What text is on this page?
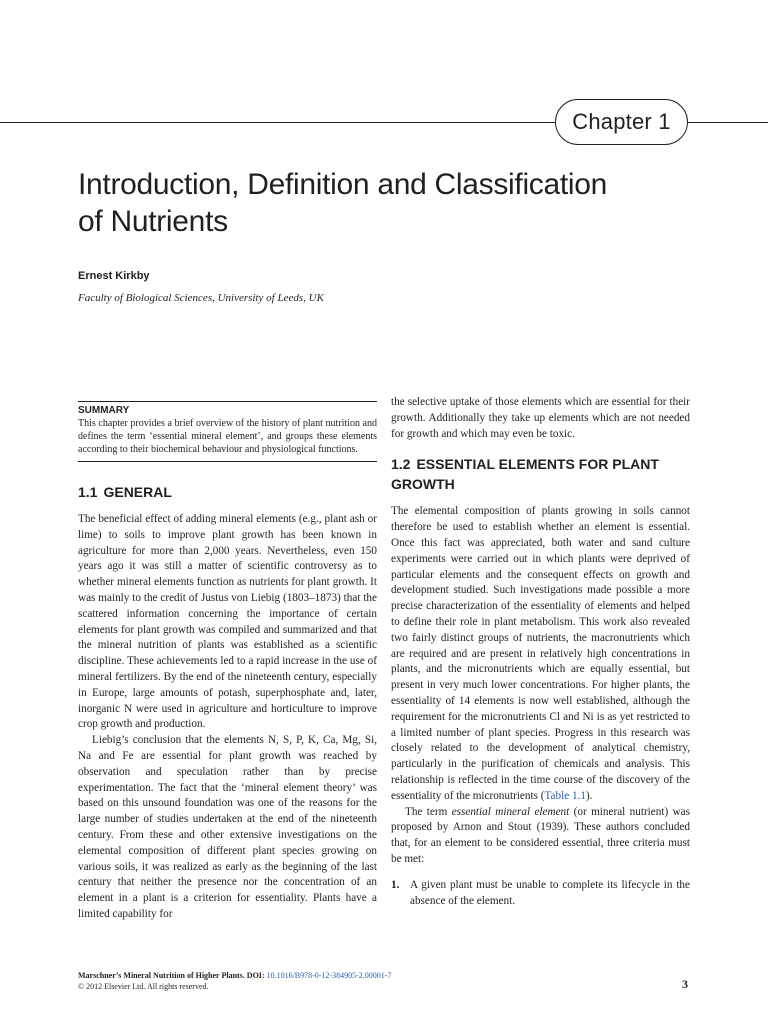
Chapter 1
Introduction, Definition and Classification
of Nutrients
Ernest Kirkby
Faculty of Biological Sciences, University of Leeds, UK
SUMMARY

This chapter provides a brief overview of the history of plant nutrition and defines the term ‘essential mineral element’, and groups these elements according to their biochemical behaviour and physiological functions.

1.1 GENERAL

The beneficial effect of adding mineral elements (e.g., plant ash or lime) to soils to improve plant growth has been known in agriculture for more than 2,000 years. Nevertheless, even 150 years ago it was still a matter of scientific controversy as to whether mineral elements function as nutrients for plant growth. It was mainly to the credit of Justus von Liebig (1803–1873) that the scattered information concerning the importance of certain elements for plant growth was compiled and summarized and that the mineral nutrition of plants was established as a scientific discipline. These achievements led to a rapid increase in the use of mineral fertilizers. By the end of the nineteenth century, especially in Europe, large amounts of potash, superphosphate and, later, inorganic N were used in agriculture and horticulture to improve crop growth and production.

Liebig’s conclusion that the elements N, S, P, K, Ca, Mg, Si, Na and Fe are essential for plant growth was reached by observation and speculation rather than by precise experimentation. The fact that the ‘mineral element theory’ was based on this unsound foundation was one of the reasons for the large number of studies undertaken at the end of the nineteenth century. From these and other extensive investigations on the elemental composition of different plant species growing on various soils, it was realized as early as the beginning of the last century that neither the presence nor the concentration of an element in a plant is a criterion for essentiality. Plants have a limited capability for

the selective uptake of those elements which are essential for their growth. Additionally they take up elements which are not needed for growth and which may even be toxic.

1.2 ESSENTIAL ELEMENTS FOR PLANT GROWTH

The elemental composition of plants growing in soils cannot therefore be used to establish whether an element is essential. Once this fact was appreciated, both water and sand culture experiments were carried out in which plants were deprived of particular elements and the consequent effects on growth and development studied. Such investigations made possible a more precise characterization of the essentiality of elements and helped to define their role in plant metabolism. This work also revealed two fairly distinct groups of nutrients, the macronutrients which are required and are present in relatively high concentrations in plants, and the micronutrients which are equally essential, but present in very much lower concentrations. For higher plants, the essentiality of 14 elements is now well established, although the requirement for the micronutrients Cl and Ni is as yet restricted to a limited number of plant species. Progress in this research was closely related to the development of analytical chemistry, particularly in the purification of chemicals and analysis. This relationship is reflected in the time course of the discovery of the essentiality of the micronutrients (Table 1.1).

The term essential mineral element (or mineral nutrient) was proposed by Arnon and Stout (1939). These authors concluded that, for an element to be considered essential, three criteria must be met:

1. A given plant must be unable to complete its lifecycle in the absence of the element.
Marschner’s Mineral Nutrition of Higher Plants. DOI: 10.1016/B978-0-12-384905-2.00001-7
© 2012 Elsevier Ltd. All rights reserved.	3
